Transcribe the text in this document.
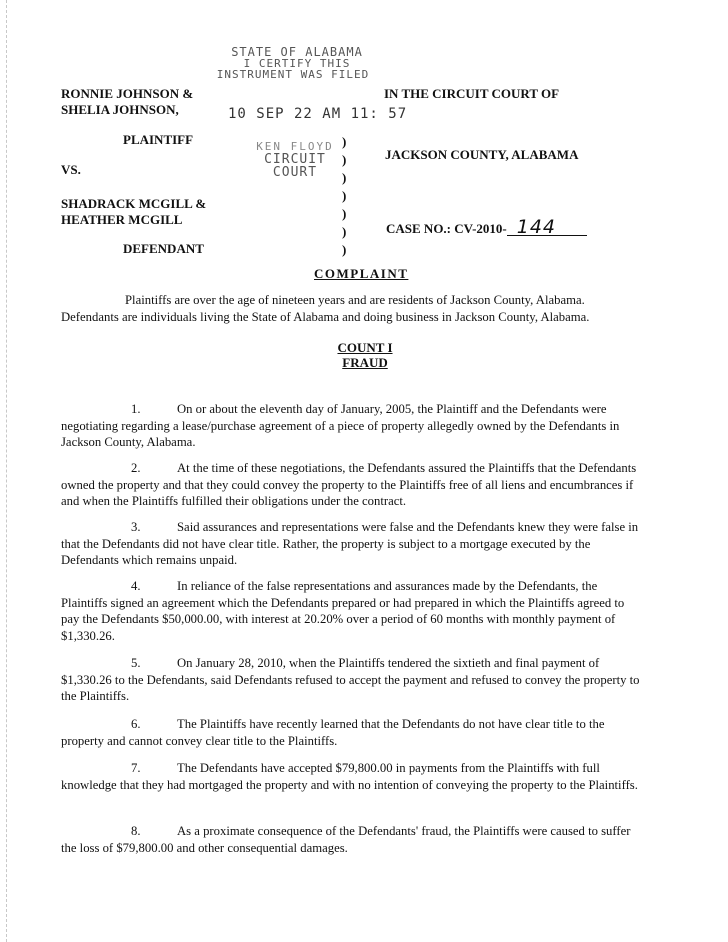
STATE OF ALABAMA
I CERTIFY THIS
INSTRUMENT WAS FILED
10 SEP 22 AM 11: 57
KEN FLOYD
CIRCUIT COURT
RONNIE JOHNSON &
SHELIA JOHNSON,
PLAINTIFF
VS.
SHADRACK MCGILL &
HEATHER MCGILL
DEFENDANT
)
)
)
)
)
)
)
IN THE CIRCUIT COURT OF
JACKSON COUNTY, ALABAMA
CASE NO.: CV-2010- 144
COMPLAINT
Plaintiffs are over the age of nineteen years and are residents of Jackson County, Alabama. Defendants are individuals living the State of Alabama and doing business in Jackson County, Alabama.
COUNT I
FRAUD
1.	On or about the eleventh day of January, 2005, the Plaintiff and the Defendants were negotiating regarding a lease/purchase agreement of a piece of property allegedly owned by the Defendants in Jackson County, Alabama.
2.	At the time of these negotiations, the Defendants assured the Plaintiffs that the Defendants owned the property and that they could convey the property to the Plaintiffs free of all liens and encumbrances if and when the Plaintiffs fulfilled their obligations under the contract.
3.	Said assurances and representations were false and the Defendants knew they were false in that the Defendants did not have clear title. Rather, the property is subject to a mortgage executed by the Defendants which remains unpaid.
4.	In reliance of the false representations and assurances made by the Defendants, the Plaintiffs signed an agreement which the Defendants prepared or had prepared in which the Plaintiffs agreed to pay the Defendants $50,000.00, with interest at 20.20% over a period of 60 months with monthly payment of $1,330.26.
5.	On January 28, 2010, when the Plaintiffs tendered the sixtieth and final payment of $1,330.26 to the Defendants, said Defendants refused to accept the payment and refused to convey the property to the Plaintiffs.
6.	The Plaintiffs have recently learned that the Defendants do not have clear title to the property and cannot convey clear title to the Plaintiffs.
7.	The Defendants have accepted $79,800.00 in payments from the Plaintiffs with full knowledge that they had mortgaged the property and with no intention of conveying the property to the Plaintiffs.
8.	As a proximate consequence of the Defendants' fraud, the Plaintiffs were caused to suffer the loss of $79,800.00 and other consequential damages.
